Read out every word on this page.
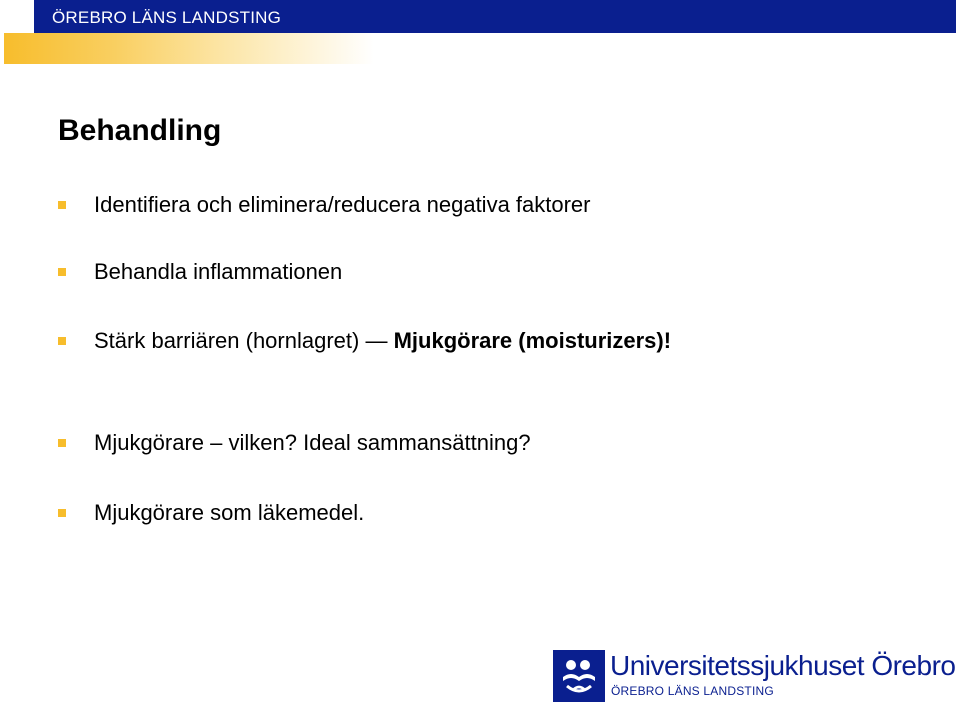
ÖREBRO LÄNS LANDSTING
Behandling
Identifiera och eliminera/reducera negativa faktorer
Behandla inflammationen
Stärk barriären (hornlagret) — Mjukgörare (moisturizers)!
Mjukgörare – vilken? Ideal sammansättning?
Mjukgörare som läkemedel.
Universitetssjukhuset Örebro
ÖREBRO LÄNS LANDSTING
